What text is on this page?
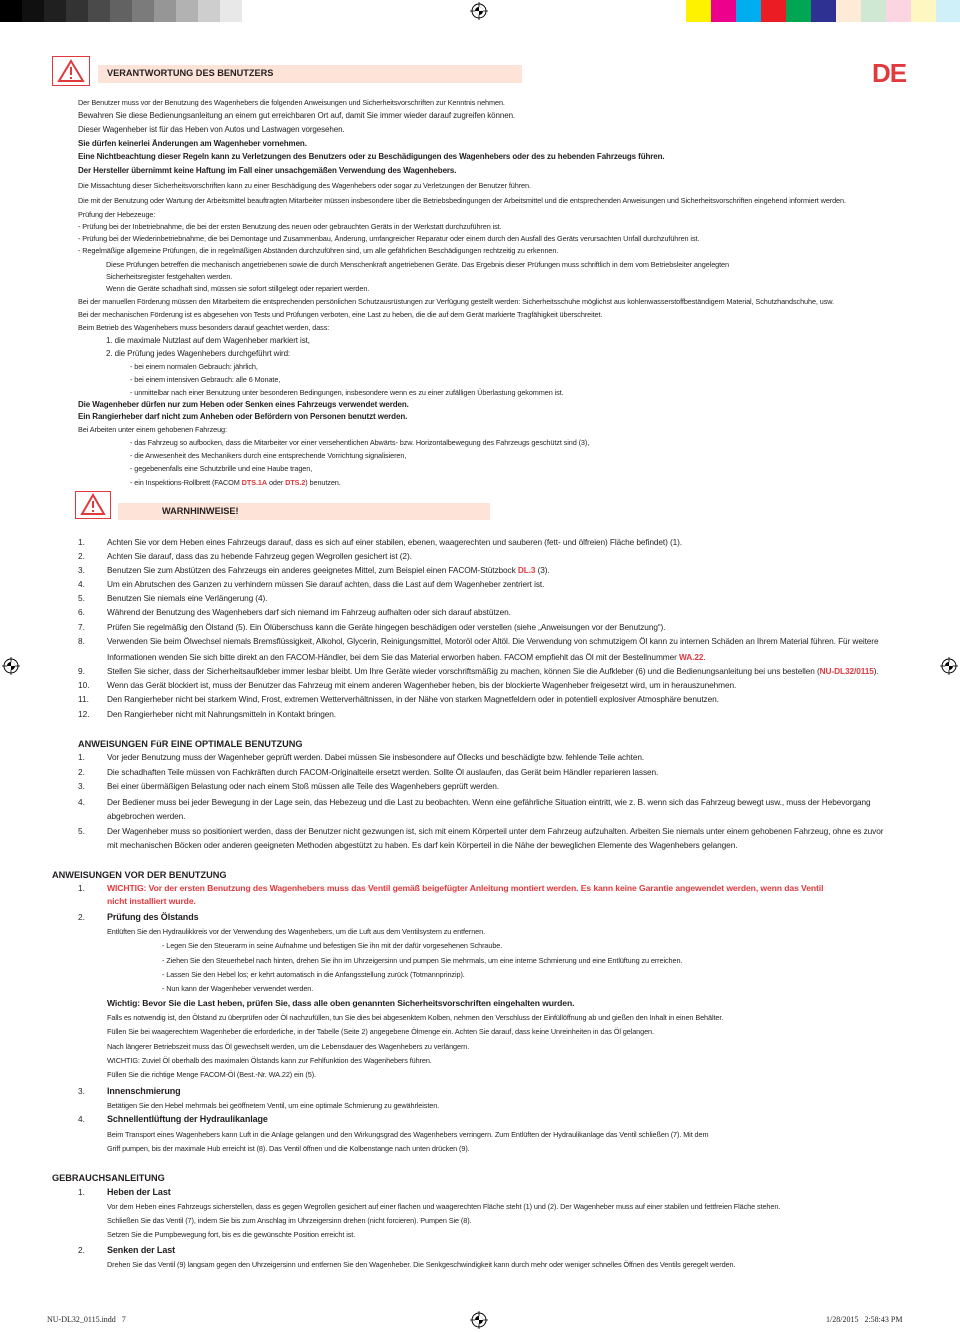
DE
VERANTWORTUNG DES BENUTZERS
Der Benutzer muss vor der Benutzung des Wagenhebers die folgenden Anweisungen und Sicherheitsvorschriften zur Kenntnis nehmen.
Bewahren Sie diese Bedienungsanleitung an einem gut erreichbaren Ort auf, damit Sie immer wieder darauf zugreifen können.
Dieser Wagenheber ist für das Heben von Autos und Lastwagen vorgesehen.
Sie dürfen keinerlei Änderungen am Wagenheber vornehmen.
Eine Nichtbeachtung dieser Regeln kann zu Verletzungen des Benutzers oder zu Beschädigungen des Wagenhebers oder des zu hebenden Fahrzeugs führen.
Der Hersteller übernimmt keine Haftung im Fall einer unsachgemäßen Verwendung des Wagenhebers.
Die Missachtung dieser Sicherheitsvorschriften kann zu einer Beschädigung des Wagenhebers oder sogar zu Verletzungen der Benutzer führen.
Die mit der Benutzung oder Wartung der Arbeitsmittel beauftragten Mitarbeiter müssen insbesondere über die Betriebsbedingungen der Arbeitsmittel und die entsprechenden Anweisungen und Sicherheitsvorschriften eingehend informiert werden.
Prüfung der Hebezeuge:
- Prüfung bei der Inbetriebnahme, die bei der ersten Benutzung des neuen oder gebrauchten Geräts in der Werkstatt durchzuführen ist.
- Prüfung bei der Wiederinbetriebnahme, die bei Demontage und Zusammenbau, Änderung, umfangreicher Reparatur oder einem durch den Ausfall des Geräts verursachten Unfall durchzuführen ist.
- Regelmäßige allgemeine Prüfungen, die in regelmäßigen Abständen durchzuführen sind, um alle gefährlichen Beschädigungen rechtzeitig zu erkennen.
Diese Prüfungen betreffen die mechanisch angetriebenen sowie die durch Menschenkraft angetriebenen Geräte. Das Ergebnis dieser Prüfungen muss schriftlich in dem vom Betriebsleiter angelegten
Sicherheitsregister festgehalten werden.
Wenn die Geräte schadhaft sind, müssen sie sofort stillgelegt oder repariert werden.
Bei der manuellen Förderung müssen den Mitarbeitern die entsprechenden persönlichen Schutzausrüstungen zur Verfügung gestellt werden: Sicherheitsschuhe möglichst aus kohlenwasserstoffbeständigem Material, Schutzhandschuhe, usw.
Bei der mechanischen Förderung ist es abgesehen von Tests und Prüfungen verboten, eine Last zu heben, die die auf dem Gerät markierte Tragfähigkeit überschreitet.
Beim Betrieb des Wagenhebers muss besonders darauf geachtet werden, dass:
1. die maximale Nutzlast auf dem Wagenheber markiert ist,
2. die Prüfung jedes Wagenhebers durchgeführt wird:
- bei einem normalen Gebrauch: jährlich,
- bei einem intensiven Gebrauch: alle 6 Monate,
- unmittelbar nach einer Benutzung unter besonderen Bedingungen, insbesondere wenn es zu einer zufälligen Überlastung gekommen ist.
Die Wagenheber dürfen nur zum Heben oder Senken eines Fahrzeugs verwendet werden.
Ein Rangierheber darf nicht zum Anheben oder Befördern von Personen benutzt werden.
Bei Arbeiten unter einem gehobenen Fahrzeug:
- das Fahrzeug so aufbocken, dass die Mitarbeiter vor einer versehentlichen Abwärts- bzw. Horizontalbewegung des Fahrzeugs geschützt sind (3),
- die Anwesenheit des Mechanikers durch eine entsprechende Vorrichtung signalisieren,
- gegebenenfalls eine Schutzbrille und eine Haube tragen,
- ein Inspektions-Rollbrett (FACOM DTS.1A oder DTS.2) benutzen.
WARNHINWEISE!
1.	Achten Sie vor dem Heben eines Fahrzeugs darauf, dass es sich auf einer stabilen, ebenen, waagerechten und sauberen (fett- und ölfreien) Fläche befindet) (1).
2.	Achten Sie darauf, dass das zu hebende Fahrzeug gegen Wegrollen gesichert ist (2).
3.	Benutzen Sie zum Abstützen des Fahrzeugs ein anderes geeignetes Mittel, zum Beispiel einen FACOM-Stützbock DL.3 (3).
4.	Um ein Abrutschen des Ganzen zu verhindern müssen Sie darauf achten, dass die Last auf dem Wagenheber zentriert ist.
5.	Benutzen Sie niemals eine Verlängerung (4).
6.	Während der Benutzung des Wagenhebers darf sich niemand im Fahrzeug aufhalten oder sich darauf abstützen.
7.	Prüfen Sie regelmäßig den Ölstand (5). Ein Ölüberschuss kann die Geräte hingegen beschädigen oder verstellen (siehe „Anweisungen vor der Benutzung“).
8.	Verwenden Sie beim Ölwechsel niemals Bremsflüssigkeit, Alkohol, Glycerin, Reinigungsmittel, Motoröl oder Altöl. Die Verwendung von schmutzigem Öl kann zu internen Schäden an Ihrem Material führen. Für weitere
Informationen wenden Sie sich bitte direkt an den FACOM-Händler, bei dem Sie das Material erworben haben. FACOM empfiehlt das Öl mit der Bestellnummer WA.22.
9.	Stellen Sie sicher, dass der Sicherheitsaufkleber immer lesbar bleibt. Um Ihre Geräte wieder vorschriftsmäßig zu machen, können Sie die Aufkleber (6) und die Bedienungsanleitung bei uns bestellen (NU-DL32/0115).
10. Wenn das Gerät blockiert ist, muss der Benutzer das Fahrzeug mit einem anderen Wagenheber heben, bis der blockierte Wagenheber freigesetzt wird, um in herauszunehmen.
11. Den Rangierheber nicht bei starkem Wind, Frost, extremen Wetterverhältnissen, in der Nähe von starken Magnetfeldern oder in potentiell explosiver Atmosphäre benutzen.
12. Den Rangierheber nicht mit Nahrungsmitteln in Kontakt bringen.
ANWEISUNGEN FüR EINE OPTIMALE BENUTZUNG
1.	Vor jeder Benutzung muss der Wagenheber geprüft werden. Dabei müssen Sie insbesondere auf Öllecks und beschädigte bzw. fehlende Teile achten.
2.	Die schadhaften Teile müssen von Fachkräften durch FACOM-Originalteile ersetzt werden. Sollte Öl auslaufen, das Gerät beim Händler reparieren lassen.
3.	Bei einer übermäßigen Belastung oder nach einem Stoß müssen alle Teile des Wagenhebers geprüft werden.
4.	Der Bediener muss bei jeder Bewegung in der Lage sein, das Hebezeug und die Last zu beobachten. Wenn eine gefährliche Situation eintritt, wie z. B. wenn sich das Fahrzeug bewegt usw., muss der Hebevorgang
abgebrochen werden.
5.	Der Wagenheber muss so positioniert werden, dass der Benutzer nicht gezwungen ist, sich mit einem Körperteil unter dem Fahrzeug aufzuhalten. Arbeiten Sie niemals unter einem gehobenen Fahrzeug, ohne es zuvor
mit mechanischen Böcken oder anderen geeigneten Methoden abgestützt zu haben. Es darf kein Körperteil in die Nähe der beweglichen Elemente des Wagenhebers gelangen.
ANWEISUNGEN VOR DER BENUTZUNG
1.	WICHTIG: Vor der ersten Benutzung des Wagenhebers muss das Ventil gemäß beigefügter Anleitung montiert werden. Es kann keine Garantie angewendet werden, wenn das Ventil
nicht installiert wurde.
2. Prüfung des Ölstands
Entlüften Sie den Hydraulikkreis vor der Verwendung des Wagenhebers, um die Luft aus dem Ventilsystem zu entfernen.
- Legen Sie den Steuerarm in seine Aufnahme und befestigen Sie ihn mit der dafür vorgesehenen Schraube.
- Ziehen Sie den Steuerhebel nach hinten, drehen Sie ihn im Uhrzeigersinn und pumpen Sie mehrmals, um eine interne Schmierung und eine Entlüftung zu erreichen.
- Lassen Sie den Hebel los; er kehrt automatisch in die Anfangsstellung zurück (Totmannprinzip).
- Nun kann der Wagenheber verwendet werden.
Wichtig: Bevor Sie die Last heben, prüfen Sie, dass alle oben genannten Sicherheitsvorschriften eingehalten wurden.
Falls es notwendig ist, den Ölstand zu überprüfen oder Öl nachzufüllen, tun Sie dies bei abgesenktem Kolben, nehmen den Verschluss der Einfüllöffnung ab und gießen den Inhalt in einen Behälter.
Füllen Sie bei waagerechtem Wagenheber die erforderliche, in der Tabelle (Seite 2) angegebene Ölmenge ein. Achten Sie darauf, dass keine Unreinheiten in das Öl gelangen.
Nach längerer Betriebszeit muss das Öl gewechselt werden, um die Lebensdauer des Wagenhebers zu verlängern.
WICHTIG: Zuviel Öl oberhalb des maximalen Ölstands kann zur Fehlfunktion des Wagenhebers führen.
Füllen Sie die richtige Menge FACOM-Öl (Best.-Nr. WA.22) ein (5).
3. Innenschmierung
Betätigen Sie den Hebel mehrmals bei geöffnetem Ventil, um eine optimale Schmierung zu gewährleisten.
4. Schnellentlüftung der Hydraulikanlage
Beim Transport eines Wagenhebers kann Luft in die Anlage gelangen und den Wirkungsgrad des Wagenhebers verringern. Zum Entlüften der Hydraulikanlage das Ventil schließen (7). Mit dem
Griff pumpen, bis der maximale Hub erreicht ist (8). Das Ventil öffnen und die Kolbenstange nach unten drücken (9).
GEBRAUCHSANLEITUNG
1. Heben der Last
Vor dem Heben eines Fahrzeugs sicherstellen, dass es gegen Wegrollen gesichert auf einer flachen und waagerechten Fläche steht (1) und (2). Der Wagenheber muss auf einer stabilen und fettfreien Fläche stehen.
Schließen Sie das Ventil (7), indem Sie bis zum Anschlag im Uhrzeigersinn drehen (nicht forcieren). Pumpen Sie (8).
Setzen Sie die Pumpbewegung fort, bis es die gewünschte Position erreicht ist.
2. Senken der Last
Drehen Sie das Ventil (9) langsam gegen den Uhrzeigersinn und entfernen Sie den Wagenheber. Die Senkgeschwindigkeit kann durch mehr oder weniger schnelles Öffnen des Ventils geregelt werden.
NU-DL32_0115.indd   7	1/28/2015   2:58:43 PM
